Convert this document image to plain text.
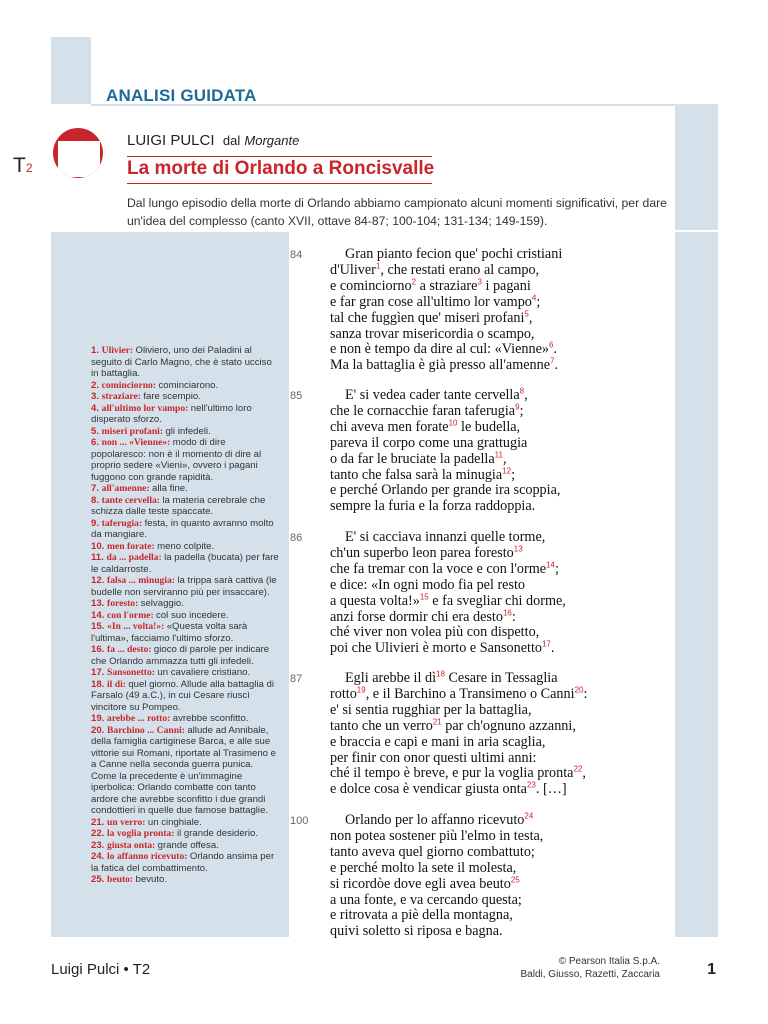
ANALISI GUIDATA
T2
LUIGI PULCI dal Morgante
La morte di Orlando a Roncisvalle
Dal lungo episodio della morte di Orlando abbiamo campionato alcuni momenti significativi, per dare un'idea del complesso (canto XVII, ottave 84-87; 100-104; 131-134; 149-159).
1. Ulivier: Oliviero, uno dei Paladini al seguito di Carlo Magno, che è stato ucciso in battaglia.
2. cominciorno: cominciarono.
3. straziare: fare scempio.
4. all'ultimo lor vampo: nell'ultimo loro disperato sforzo.
5. miseri profani: gli infedeli.
6. non ... «Vienne»: modo di dire popolaresco: non è il momento di dire al proprio sedere «Vieni», ovvero i pagani fuggono con grande rapidità.
7. all'amenne: alla fine.
8. tante cervella: la materia cerebrale che schizza dalle teste spaccate.
9. taferugia: festa, in quanto avranno molto da mangiare.
10. men forate: meno colpite.
11. da ... padella: la padella (bucata) per fare le caldarroste.
12. falsa ... minugia: la trippa sarà cattiva (le budelle non serviranno più per insaccare).
13. foresto: selvaggio.
14. con l'orme: col suo incedere.
15. «In ... volta!»: «Questa volta sarà l'ultima», facciamo l'ultimo sforzo.
16. fa ... desto: gioco di parole per indicare che Orlando ammazza tutti gli infedeli.
17. Sansonetto: un cavaliere cristiano.
18. il dì: quel giorno. Allude alla battaglia di Farsalo (49 a.C.), in cui Cesare riuscì vincitore su Pompeo.
19. arebbe ... rotto: avrebbe sconfitto.
20. Barchino ... Canni: allude ad Annibale, della famiglia cartiginese Barca, e alle sue vittorie sui Romani, riportate al Trasimeno e a Canne nella seconda guerra punica. Come la precedente è un'immagine iperbolica: Orlando combatte con tanto ardore che avrebbe sconfitto i due grandi condottieri in quelle due famose battaglie.
21. un verro: un cinghiale.
22. la voglia pronta: il grande desiderio.
23. giusta onta: grande offesa.
24. lo affanno ricevuto: Orlando ansima per la fatica del combattimento.
25. beuto: bevuto.
84	Gran pianto fecion que' pochi cristiani
d'Uliver$^1$, che restati erano al campo,
e cominciorno$^2$ a straziare$^3$ i pagani
e far gran cose all'ultimo lor vampo$^4$;
tal che fuggìen que' miseri profani$^5$,
sanza trovar misericordia o scampo,
e non è tempo da dire al cul: «Vienne»$^6$.
Ma la battaglia è già presso all'amenne$^7$.
85	E' si vedea cader tante cervella$^8$,
che le cornacchie faran taferugia$^9$;
chi aveva men forate$^{10}$ le budella,
pareva il corpo come una grattugia
o da far le bruciate la padella$^{11}$,
tanto che falsa sarà la minugia$^{12}$;
e perché Orlando per grande ira scoppia,
sempre la furia e la forza raddoppia.
86	E' si cacciava innanzi quelle torme,
ch'un superbo leon parea foresto$^{13}$
che fa tremar con la voce e con l'orme$^{14}$;
e dice: «In ogni modo fia pel resto
a questa volta!»$^{15}$ e fa svegliar chi dorme,
anzi forse dormir chi era desto$^{16}$:
ché viver non volea più con dispetto,
poi che Ulivieri è morto e Sansonetto$^{17}$.
87	Egli arebbe il $dì^{18}$ Cesare in Tessaglia
rotto$^{19}$, e il Barchino a Transimeno o Canni$^{20}$:
e' si sentia rugghiar per la battaglia,
tanto che un verro$^{21}$ par ch'ognuno azzanni,
e braccia e capi e mani in aria scaglia,
per finir con onor questi ultimi anni:
ché il tempo è breve, e pur la voglia pronta$^{22}$,
e dolce cosa è vendicar giusta onta$^{23}$. […]
100	Orlando per lo affanno ricevuto$^{24}$
non potea sostener più l'elmo in testa,
tanto aveva quel giorno combattuto;
e perché molto la sete il molesta,
si ricordòe dove egli avea beuto$^{25}$
a una fonte, e va cercando questa;
e ritrovata a piè della montagna,
quivi soletto si riposa e bagna.
Luigi Pulci • T2	© Pearson Italia S.p.A.
Baldi, Giusso, Razetti, Zaccaria	1
